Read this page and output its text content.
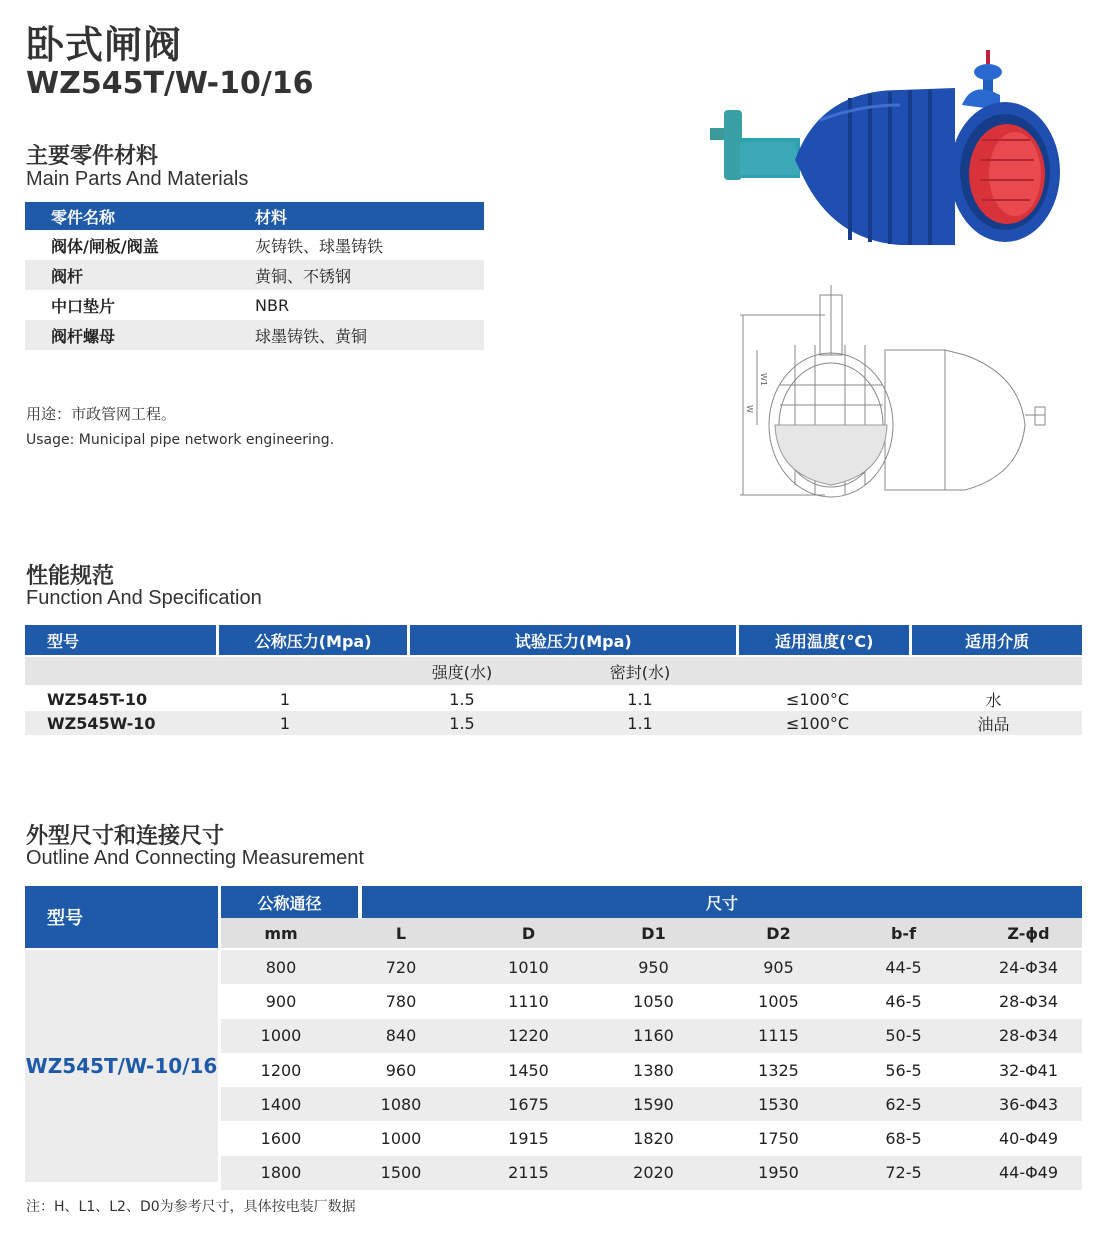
卧式闸阀
WZ545T/W-10/16
主要零件材料
Main Parts And Materials
零件名称	材料
阀体/闸板/阀盖	灰铸铁、球墨铸铁
阀杆	黄铜、不锈钢
中口垫片	NBR
阀杆螺母	球墨铸铁、黄铜
用途：市政管网工程。
Usage: Municipal pipe network engineering.
W
W1
性能规范
Function And Specification
型号	公称压力(Mpa)	试验压力(Mpa)	适用温度(°C)	适用介质
强度(水)	密封(水)
WZ545T-10	1	1.5	1.1	≤100°C	水
WZ545W-10	1	1.5	1.1	≤100°C	油品
外型尺寸和连接尺寸
Outline And Connecting Measurement
型号
WZ545T/W-10/16
公称通径	尺寸
mm	L	D	D1	D2	b-f	Z-ϕd
800	720	1010	950	905	44-5	24-Φ34
900	780	1110	1050	1005	46-5	28-Φ34
1000	840	1220	1160	1115	50-5	28-Φ34
1200	960	1450	1380	1325	56-5	32-Φ41
1400	1080	1675	1590	1530	62-5	36-Φ43
1600	1000	1915	1820	1750	68-5	40-Φ49
1800	1500	2115	2020	1950	72-5	44-Φ49
注：H、L1、L2、D0为参考尺寸，具体按电装厂数据
